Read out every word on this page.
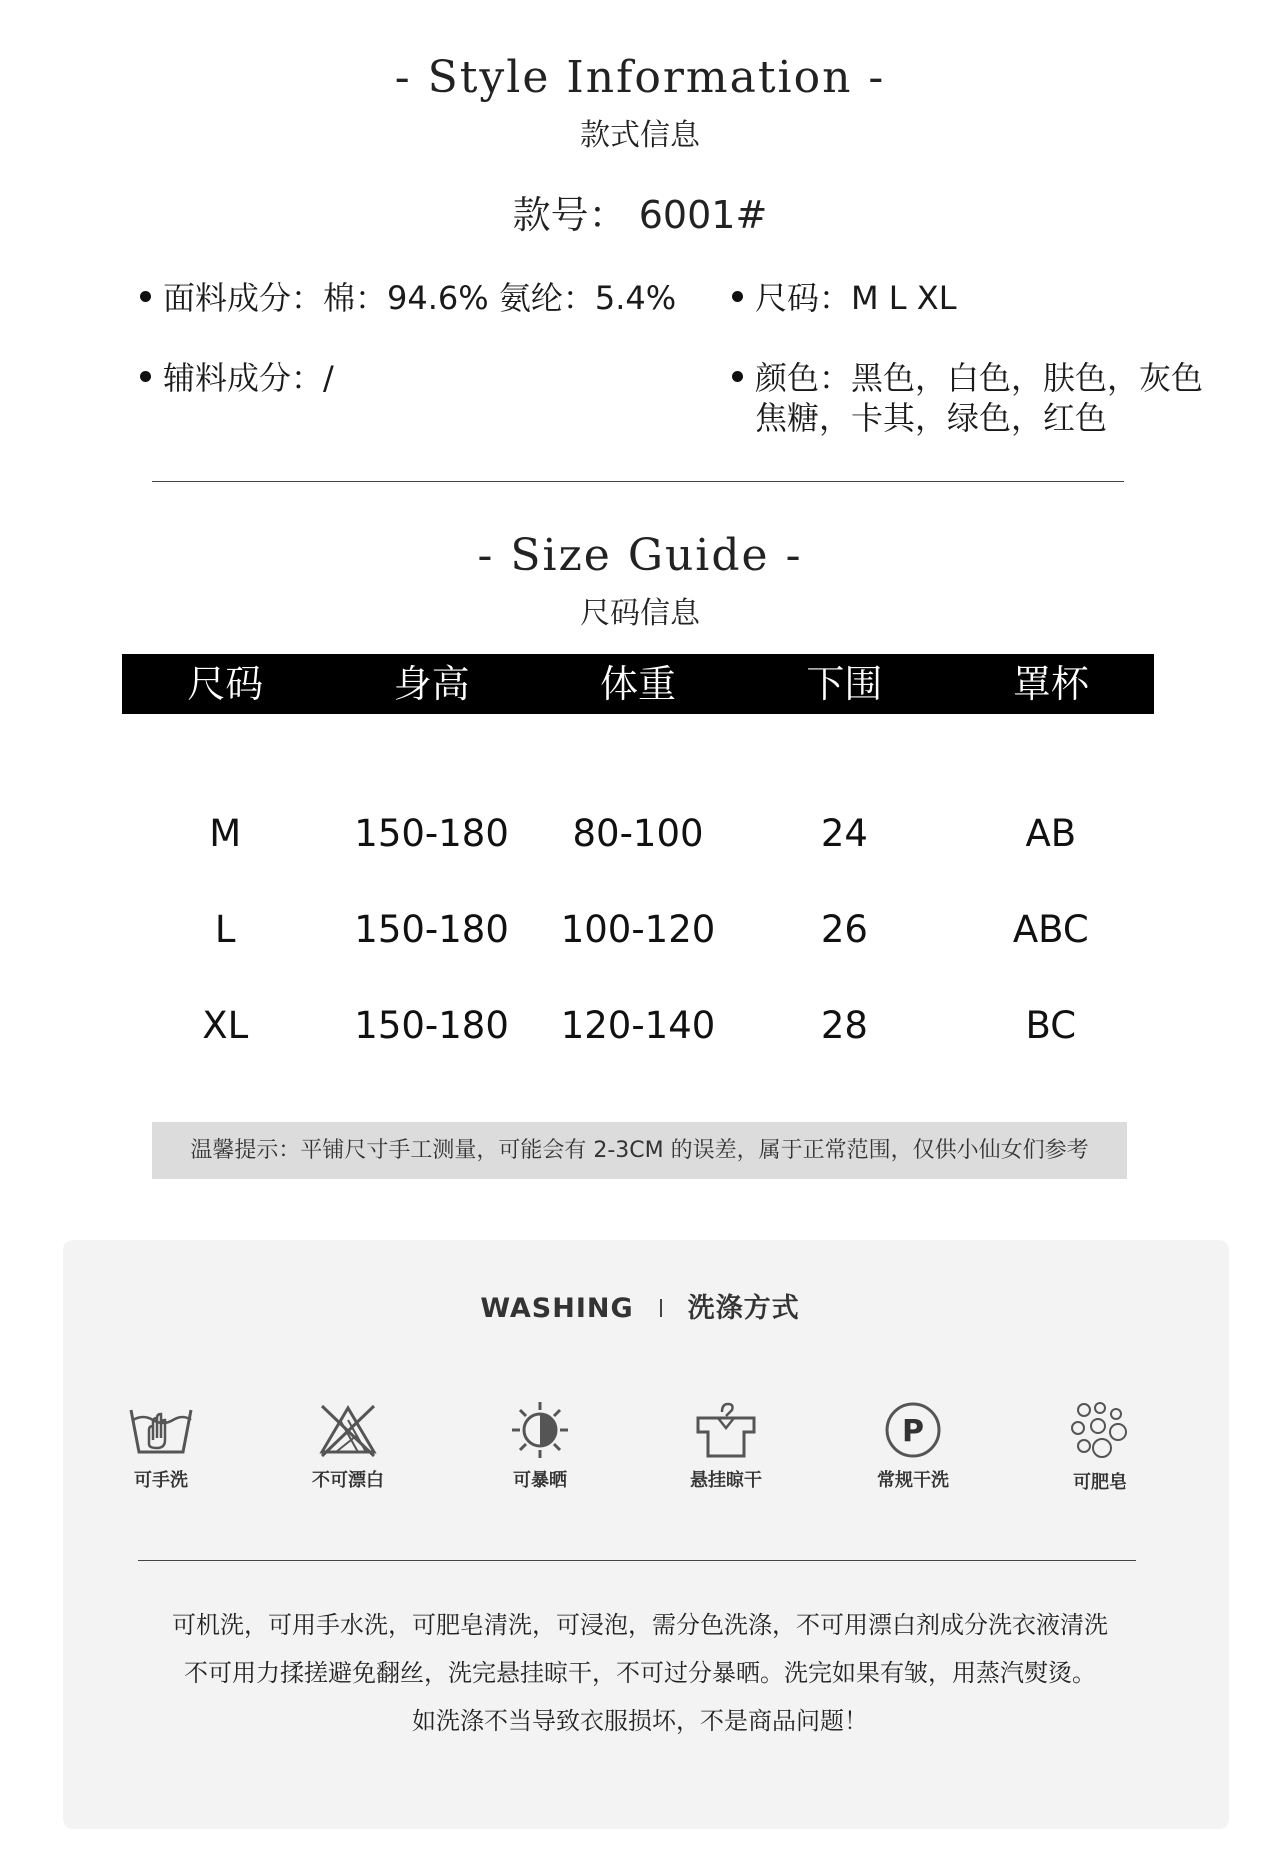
- Style Information -
款式信息
款号： 6001#
面料成分：棉：94.6% 氨纶：5.4%	尺码：M L XL
辅料成分：/	颜色：黑色，白色，肤色，灰色
焦糖，卡其，绿色，红色
- Size Guide -
尺码信息
尺码	身高	体重	下围	罩杯
M	150-180	80-100	24	AB
L	150-180	100-120	26	ABC
XL	150-180	120-140	28	BC
温馨提示：平铺尺寸手工测量，可能会有 2-3CM 的误差，属于正常范围，仅供小仙女们参考
WASHING 洗涤方式
可手洗	不可漂白	可暴晒	悬挂晾干
P
常规干洗	可肥皂
可机洗，可用手水洗，可肥皂清洗，可浸泡，需分色洗涤，不可用漂白剂成分洗衣液清洗
不可用力揉搓避免翻丝，洗完悬挂晾干，不可过分暴晒。洗完如果有皱，用蒸汽熨烫。
如洗涤不当导致衣服损坏，不是商品问题！
